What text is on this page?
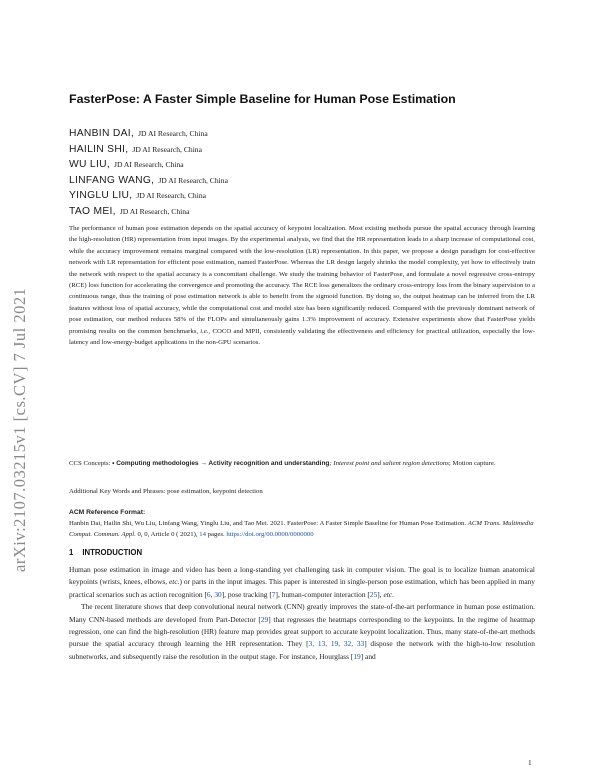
arXiv:2107.03215v1 [cs.CV] 7 Jul 2021
FasterPose: A Faster Simple Baseline for Human Pose Estimation
HANBIN DAI, JD AI Research, China
HAILIN SHI, JD AI Research, China
WU LIU, JD AI Research, China
LINFANG WANG, JD AI Research, China
YINGLU LIU, JD AI Research, China
TAO MEI, JD AI Research, China
The performance of human pose estimation depends on the spatial accuracy of keypoint localization. Most existing methods pursue the spatial accuracy through learning the high-resolution (HR) representation from input images. By the experimental analysis, we find that the HR representation leads to a sharp increase of computational cost, while the accuracy improvement remains marginal compared with the low-resolution (LR) representation. In this paper, we propose a design paradigm for cost-effective network with LR representation for efficient pose estimation, named FasterPose. Whereas the LR design largely shrinks the model complexity, yet how to effectively train the network with respect to the spatial accuracy is a concomitant challenge. We study the training behavior of FasterPose, and formulate a novel regressive cross-entropy (RCE) loss function for accelerating the convergence and promoting the accuracy. The RCE loss generalizes the ordinary cross-entropy loss from the binary supervision to a continuous range, thus the training of pose estimation network is able to benefit from the sigmoid function. By doing so, the output heatmap can be inferred from the LR features without loss of spatial accuracy, while the computational cost and model size has been significantly reduced. Compared with the previously dominant network of pose estimation, our method reduces 58% of the FLOPs and simultaneously gains 1.3% improvement of accuracy. Extensive experiments show that FasterPose yields promising results on the common benchmarks, i.e., COCO and MPII, consistently validating the effectiveness and efficiency for practical utilization, especially the low-latency and low-energy-budget applications in the non-GPU scenarios.
CCS Concepts: • Computing methodologies → Activity recognition and understanding; Interest point and salient region detections; Motion capture.
Additional Key Words and Phrases: pose estimation, keypoint detection
ACM Reference Format:
Hanbin Dai, Hailin Shi, Wu Liu, Linfang Wang, Yinglu Liu, and Tao Mei. 2021. FasterPose: A Faster Simple Baseline for Human Pose Estimation. ACM Trans. Multimedia Comput. Commun. Appl. 0, 0, Article 0 ( 2021), 14 pages. https://doi.org/00.0000/0000000
1 INTRODUCTION

Human pose estimation in image and video has been a long-standing yet challenging task in computer vision. The goal is to localize human anatomical keypoints (wrists, knees, elbows, etc.) or parts in the input images. This paper is interested in single-person pose estimation, which has been applied in many practical scenarios such as action recognition [6, 30], pose tracking [7], human-computer interaction [25], etc.

The recent literature shows that deep convolutional neural network (CNN) greatly improves the state-of-the-art performance in human pose estimation. Many CNN-based methods are developed from Part-Detector [29] that regresses the heatmaps corresponding to the keypoints. In the regime of heatmap regression, one can find the high-resolution (HR) feature map provides great support to accurate keypoint localization. Thus, many state-of-the-art methods pursue the spatial accuracy through learning the HR representation. They [3, 13, 19, 32, 33] dispose the network with the high-to-low resolution subnetworks, and subsequently raise the resolution in the output stage. For instance, Hourglass [19] and

1
